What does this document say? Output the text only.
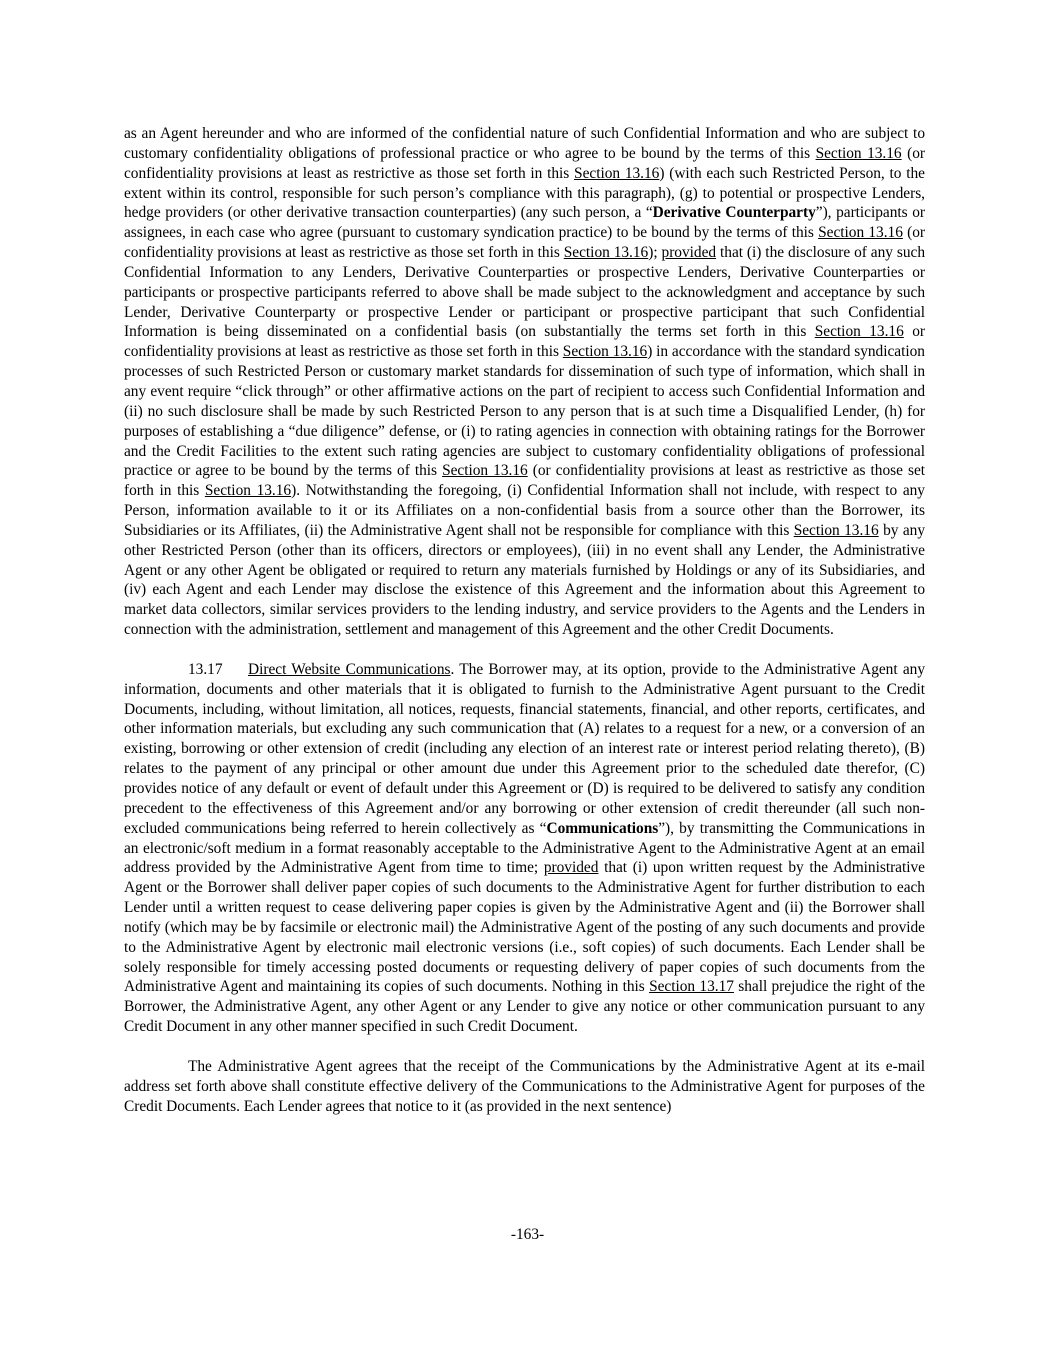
as an Agent hereunder and who are informed of the confidential nature of such Confidential Information and who are subject to customary confidentiality obligations of professional practice or who agree to be bound by the terms of this Section 13.16 (or confidentiality provisions at least as restrictive as those set forth in this Section 13.16) (with each such Restricted Person, to the extent within its control, responsible for such person’s compliance with this paragraph), (g) to potential or prospective Lenders, hedge providers (or other derivative transaction counterparties) (any such person, a “Derivative Counterparty”), participants or assignees, in each case who agree (pursuant to customary syndication practice) to be bound by the terms of this Section 13.16 (or confidentiality provisions at least as restrictive as those set forth in this Section 13.16); provided that (i) the disclosure of any such Confidential Information to any Lenders, Derivative Counterparties or prospective Lenders, Derivative Counterparties or participants or prospective participants referred to above shall be made subject to the acknowledgment and acceptance by such Lender, Derivative Counterparty or prospective Lender or participant or prospective participant that such Confidential Information is being disseminated on a confidential basis (on substantially the terms set forth in this Section 13.16 or confidentiality provisions at least as restrictive as those set forth in this Section 13.16) in accordance with the standard syndication processes of such Restricted Person or customary market standards for dissemination of such type of information, which shall in any event require “click through” or other affirmative actions on the part of recipient to access such Confidential Information and (ii) no such disclosure shall be made by such Restricted Person to any person that is at such time a Disqualified Lender, (h) for purposes of establishing a “due diligence” defense, or (i) to rating agencies in connection with obtaining ratings for the Borrower and the Credit Facilities to the extent such rating agencies are subject to customary confidentiality obligations of professional practice or agree to be bound by the terms of this Section 13.16 (or confidentiality provisions at least as restrictive as those set forth in this Section 13.16). Notwithstanding the foregoing, (i) Confidential Information shall not include, with respect to any Person, information available to it or its Affiliates on a non-confidential basis from a source other than the Borrower, its Subsidiaries or its Affiliates, (ii) the Administrative Agent shall not be responsible for compliance with this Section 13.16 by any other Restricted Person (other than its officers, directors or employees), (iii) in no event shall any Lender, the Administrative Agent or any other Agent be obligated or required to return any materials furnished by Holdings or any of its Subsidiaries, and (iv) each Agent and each Lender may disclose the existence of this Agreement and the information about this Agreement to market data collectors, similar services providers to the lending industry, and service providers to the Agents and the Lenders in connection with the administration, settlement and management of this Agreement and the other Credit Documents.

13.17 Direct Website Communications. The Borrower may, at its option, provide to the Administrative Agent any information, documents and other materials that it is obligated to furnish to the Administrative Agent pursuant to the Credit Documents, including, without limitation, all notices, requests, financial statements, financial, and other reports, certificates, and other information materials, but excluding any such communication that (A) relates to a request for a new, or a conversion of an existing, borrowing or other extension of credit (including any election of an interest rate or interest period relating thereto), (B) relates to the payment of any principal or other amount due under this Agreement prior to the scheduled date therefor, (C) provides notice of any default or event of default under this Agreement or (D) is required to be delivered to satisfy any condition precedent to the effectiveness of this Agreement and/or any borrowing or other extension of credit thereunder (all such non-excluded communications being referred to herein collectively as “Communications”), by transmitting the Communications in an electronic/soft medium in a format reasonably acceptable to the Administrative Agent to the Administrative Agent at an email address provided by the Administrative Agent from time to time; provided that (i) upon written request by the Administrative Agent or the Borrower shall deliver paper copies of such documents to the Administrative Agent for further distribution to each Lender until a written request to cease delivering paper copies is given by the Administrative Agent and (ii) the Borrower shall notify (which may be by facsimile or electronic mail) the Administrative Agent of the posting of any such documents and provide to the Administrative Agent by electronic mail electronic versions (i.e., soft copies) of such documents. Each Lender shall be solely responsible for timely accessing posted documents or requesting delivery of paper copies of such documents from the Administrative Agent and maintaining its copies of such documents. Nothing in this Section 13.17 shall prejudice the right of the Borrower, the Administrative Agent, any other Agent or any Lender to give any notice or other communication pursuant to any Credit Document in any other manner specified in such Credit Document.

The Administrative Agent agrees that the receipt of the Communications by the Administrative Agent at its e-mail address set forth above shall constitute effective delivery of the Communications to the Administrative Agent for purposes of the Credit Documents. Each Lender agrees that notice to it (as provided in the next sentence)

-163-
